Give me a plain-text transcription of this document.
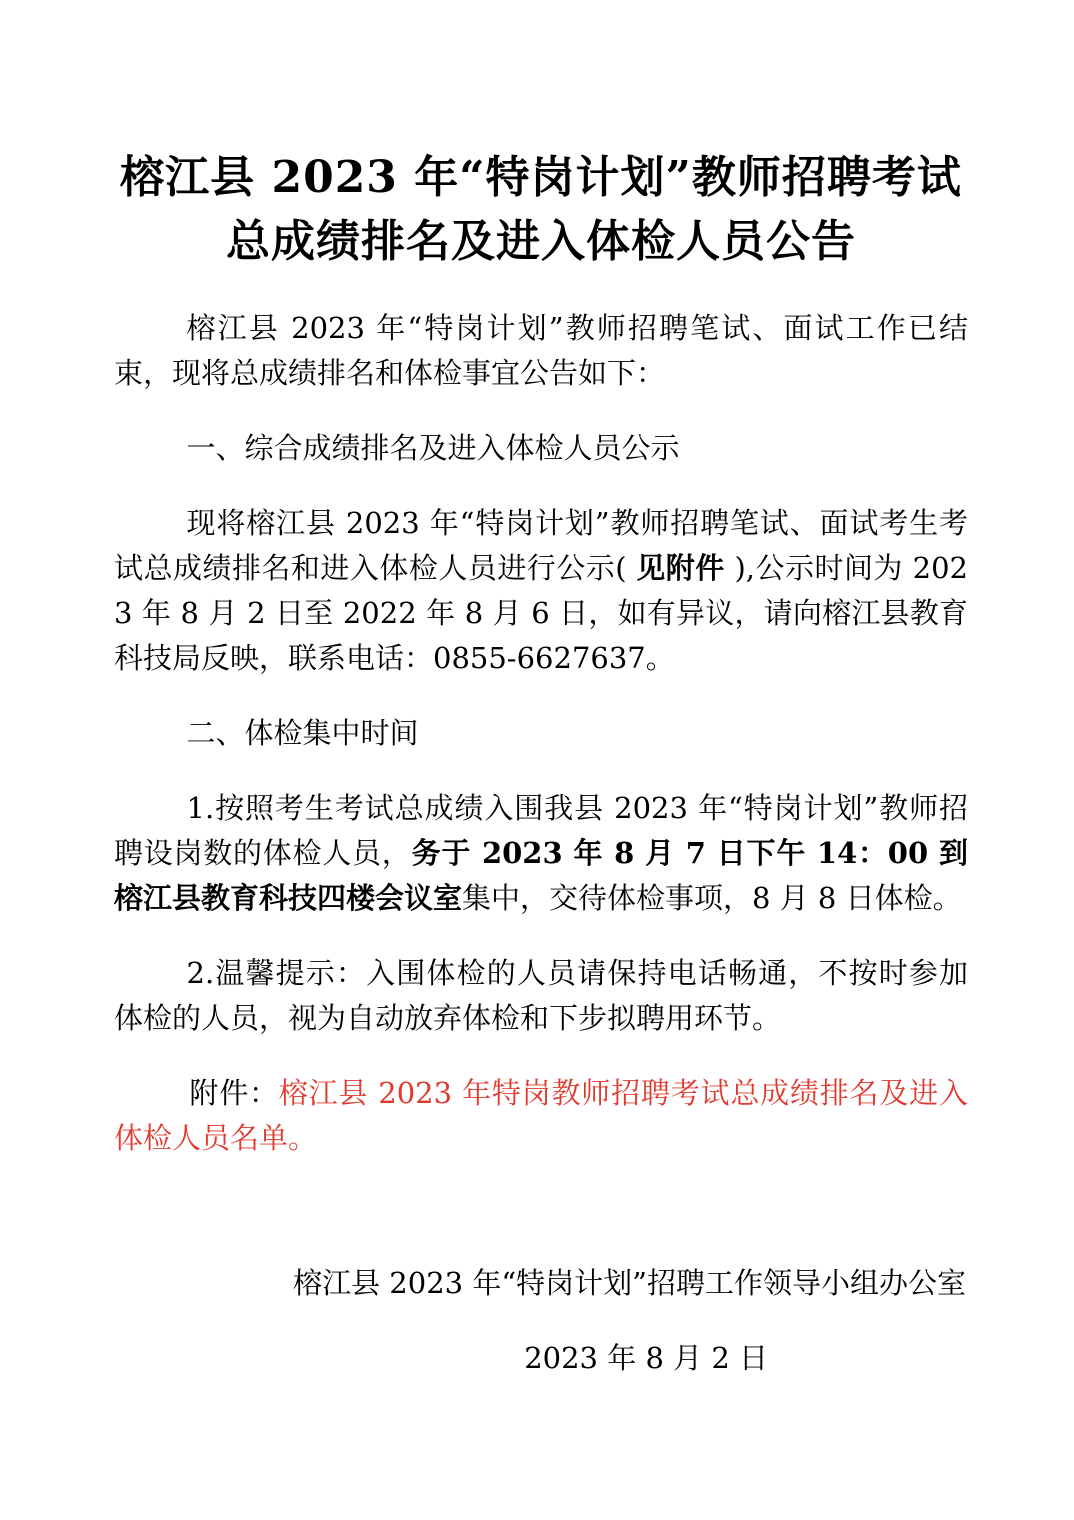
榕江县 2023 年“特岗计划”教师招聘考试
总成绩排名及进入体检人员公告

榕江县 2023 年“特岗计划”教师招聘笔试、面试工作已结束，现将总成绩排名和体检事宜公告如下：

一、综合成绩排名及进入体检人员公示

现将榕江县 2023 年“特岗计划”教师招聘笔试、面试考生考试总成绩排名和进入体检人员进行公示( 见附件 ),公示时间为 2023 年 8 月 2 日至 2022 年 8 月 6 日，如有异议，请向榕江县教育科技局反映，联系电话：0855-6627637。

二、体检集中时间

1.按照考生考试总成绩入围我县 2023 年“特岗计划”教师招聘设岗数的体检人员，务于 2023 年 8 月 7 日下午 14：00 到榕江县教育科技四楼会议室集中，交待体检事项，8 月 8 日体检。

2.温馨提示：入围体检的人员请保持电话畅通，不按时参加体检的人员，视为自动放弃体检和下步拟聘用环节。

附件：榕江县 2023 年特岗教师招聘考试总成绩排名及进入体检人员名单。

榕江县 2023 年“特岗计划”招聘工作领导小组办公室

2023 年 8 月 2 日
